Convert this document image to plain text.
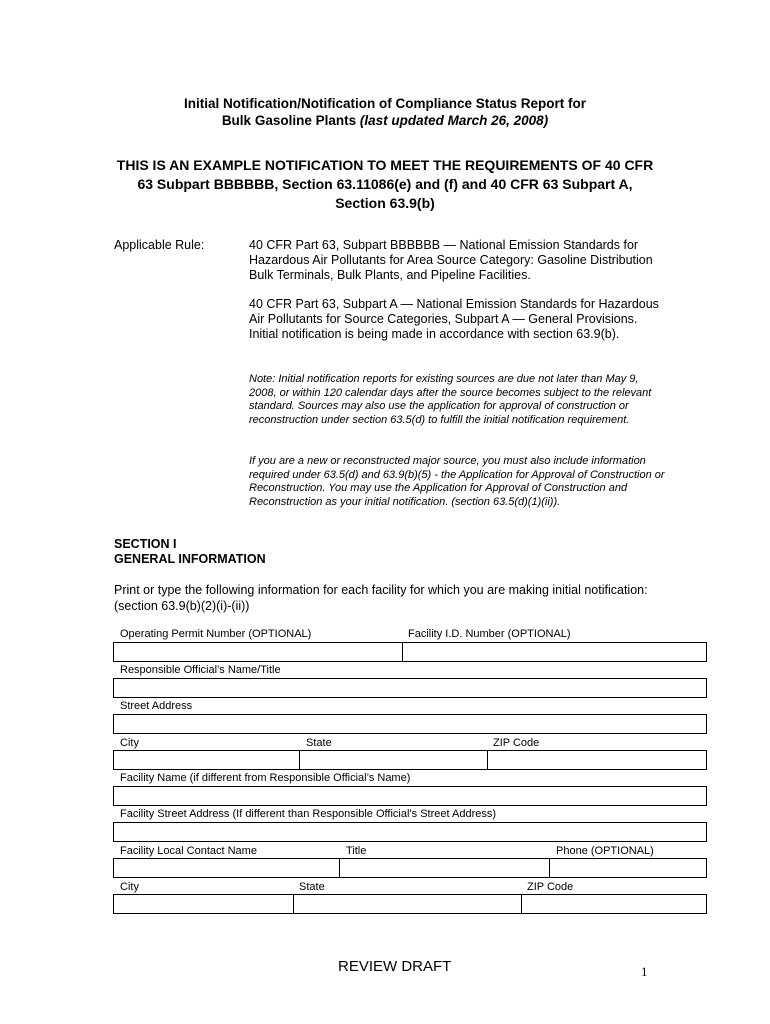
Initial Notification/Notification of Compliance Status Report for
Bulk Gasoline Plants (last updated March 26, 2008)
THIS IS AN EXAMPLE NOTIFICATION TO MEET THE REQUIREMENTS OF 40 CFR
63 Subpart BBBBBB, Section 63.11086(e) and (f) and 40 CFR 63 Subpart A,
Section 63.9(b)
Applicable Rule:	40 CFR Part 63, Subpart BBBBBB — National Emission Standards for Hazardous Air Pollutants for Area Source Category: Gasoline Distribution Bulk Terminals, Bulk Plants, and Pipeline Facilities.
40 CFR Part 63, Subpart A — National Emission Standards for Hazardous Air Pollutants for Source Categories, Subpart A — General Provisions. Initial notification is being made in accordance with section 63.9(b).
Note: Initial notification reports for existing sources are due not later than May 9, 2008, or within 120 calendar days after the source becomes subject to the relevant standard. Sources may also use the application for approval of construction or reconstruction under section 63.5(d) to fulfill the initial notification requirement.
If you are a new or reconstructed major source, you must also include information required under 63.5(d) and 63.9(b)(5) - the Application for Approval of Construction or Reconstruction. You may use the Application for Approval of Construction and Reconstruction as your initial notification. (section 63.5(d)(1)(ii)).
SECTION I
GENERAL INFORMATION
Print or type the following information for each facility for which you are making initial notification:
(section 63.9(b)(2)(i)-(ii))
Operating Permit Number (OPTIONAL)	Facility I.D. Number (OPTIONAL)
Responsible Official’s Name/Title
Street Address
City	State	ZIP Code
Facility Name (if different from Responsible Official’s Name)
Facility Street Address (If different than Responsible Official’s Street Address)
Facility Local Contact Name	Title	Phone (OPTIONAL)
City	State	ZIP Code
REVIEW DRAFT	1
